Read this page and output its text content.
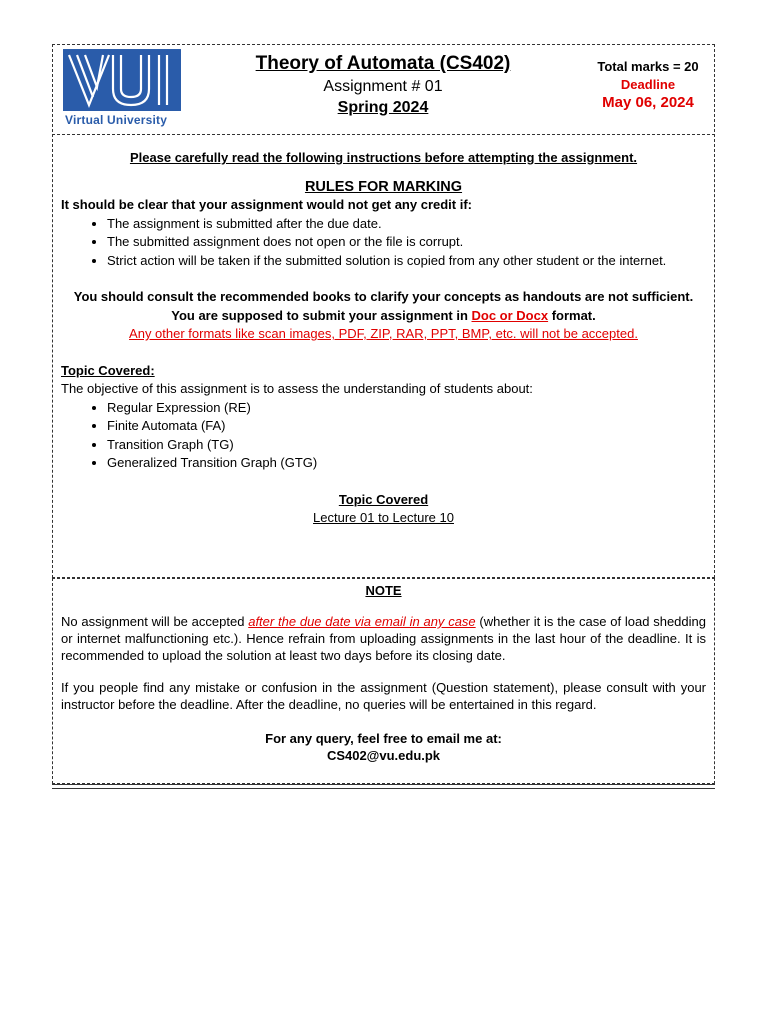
Virtual University
Theory of Automata (CS402)
Assignment # 01
Spring 2024
Total marks = 20
Deadline
May 06, 2024
Please carefully read the following instructions before attempting the assignment.
RULES FOR MARKING
It should be clear that your assignment would not get any credit if:
• The assignment is submitted after the due date.
• The submitted assignment does not open or the file is corrupt.
• Strict action will be taken if the submitted solution is copied from any other student or the internet.
You should consult the recommended books to clarify your concepts as handouts are not sufficient.
You are supposed to submit your assignment in Doc or Docx format.
Any other formats like scan images, PDF, ZIP, RAR, PPT, BMP, etc. will not be accepted.
Topic Covered:
The objective of this assignment is to assess the understanding of students about:
• Regular Expression (RE)
• Finite Automata (FA)
• Transition Graph (TG)
• Generalized Transition Graph (GTG)
Topic Covered
Lecture 01 to Lecture 10
NOTE

No assignment will be accepted after the due date via email in any case (whether it is the case of load shedding or internet malfunctioning etc.). Hence refrain from uploading assignments in the last hour of the deadline. It is recommended to upload the solution at least two days before its closing date.

If you people find any mistake or confusion in the assignment (Question statement), please consult with your instructor before the deadline. After the deadline, no queries will be entertained in this regard.

For any query, feel free to email me at:
CS402@vu.edu.pk
